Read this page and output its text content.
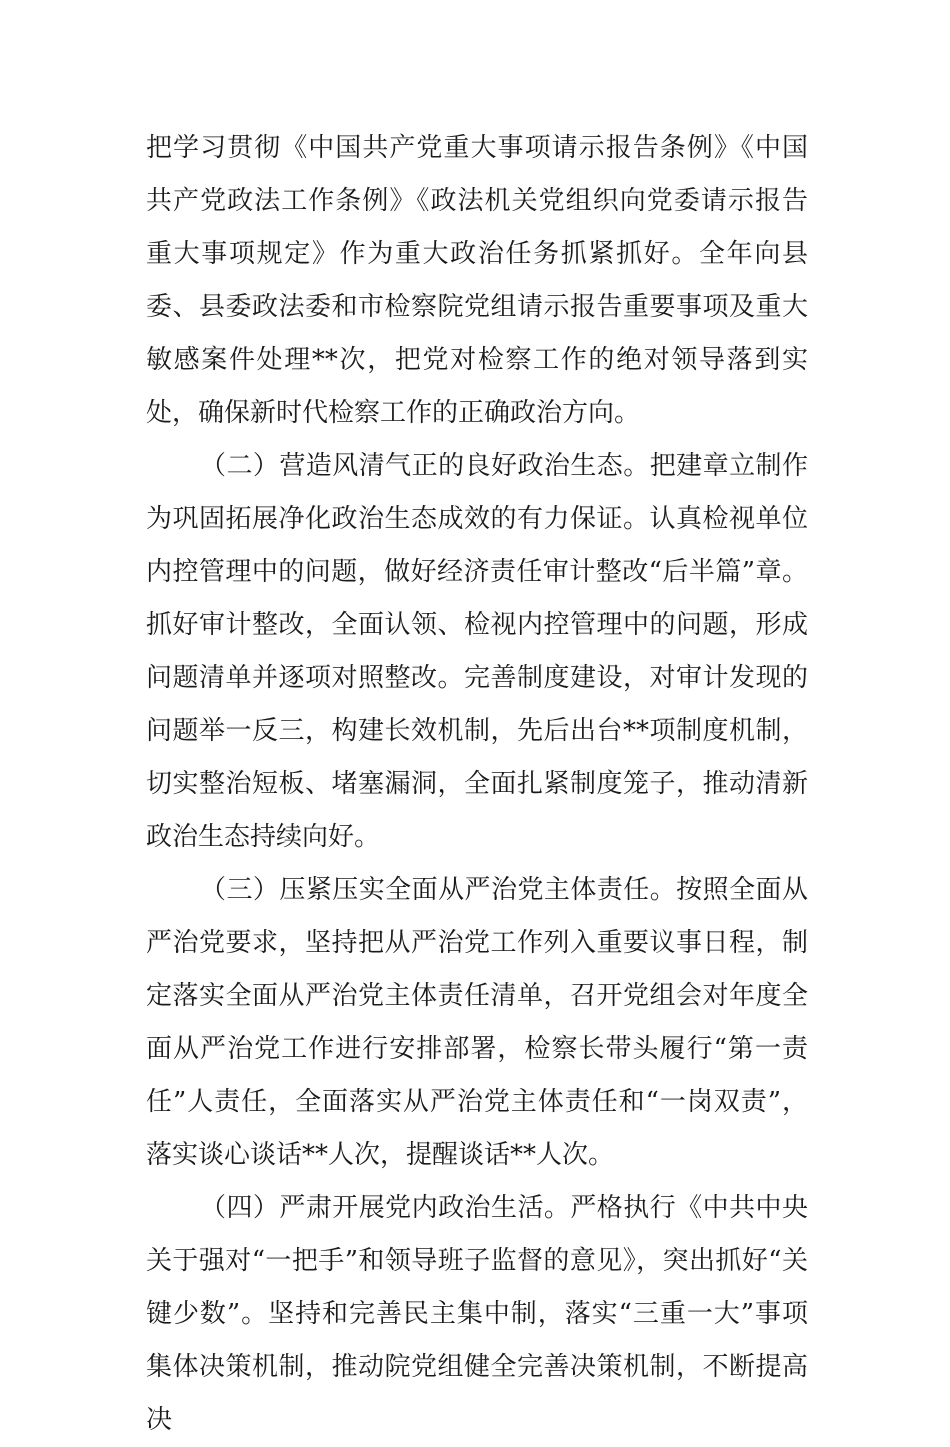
把学习贯彻《中国共产党重大事项请示报告条例》《中国共产党政法工作条例》《政法机关党组织向党委请示报告重大事项规定》作为重大政治任务抓紧抓好。全年向县委、县委政法委和市检察院党组请示报告重要事项及重大敏感案件处理**次，把党对检察工作的绝对领导落到实处，确保新时代检察工作的正确政治方向。

（二）营造风清气正的良好政治生态。把建章立制作为巩固拓展净化政治生态成效的有力保证。认真检视单位内控管理中的问题，做好经济责任审计整改“后半篇”章。抓好审计整改，全面认领、检视内控管理中的问题，形成问题清单并逐项对照整改。完善制度建设，对审计发现的问题举一反三，构建长效机制，先后出台**项制度机制，切实整治短板、堵塞漏洞，全面扎紧制度笼子，推动清新政治生态持续向好。

（三）压紧压实全面从严治党主体责任。按照全面从严治党要求，坚持把从严治党工作列入重要议事日程，制定落实全面从严治党主体责任清单，召开党组会对年度全面从严治党工作进行安排部署，检察长带头履行“第一责任”人责任，全面落实从严治党主体责任和“一岗双责”，落实谈心谈话**人次，提醒谈话**人次。

（四）严肃开展党内政治生活。严格执行《中共中央关于强对“一把手”和领导班子监督的意见》，突出抓好“关键少数”。坚持和完善民主集中制，落实“三重一大”事项集体决策机制，推动院党组健全完善决策机制，不断提高决
